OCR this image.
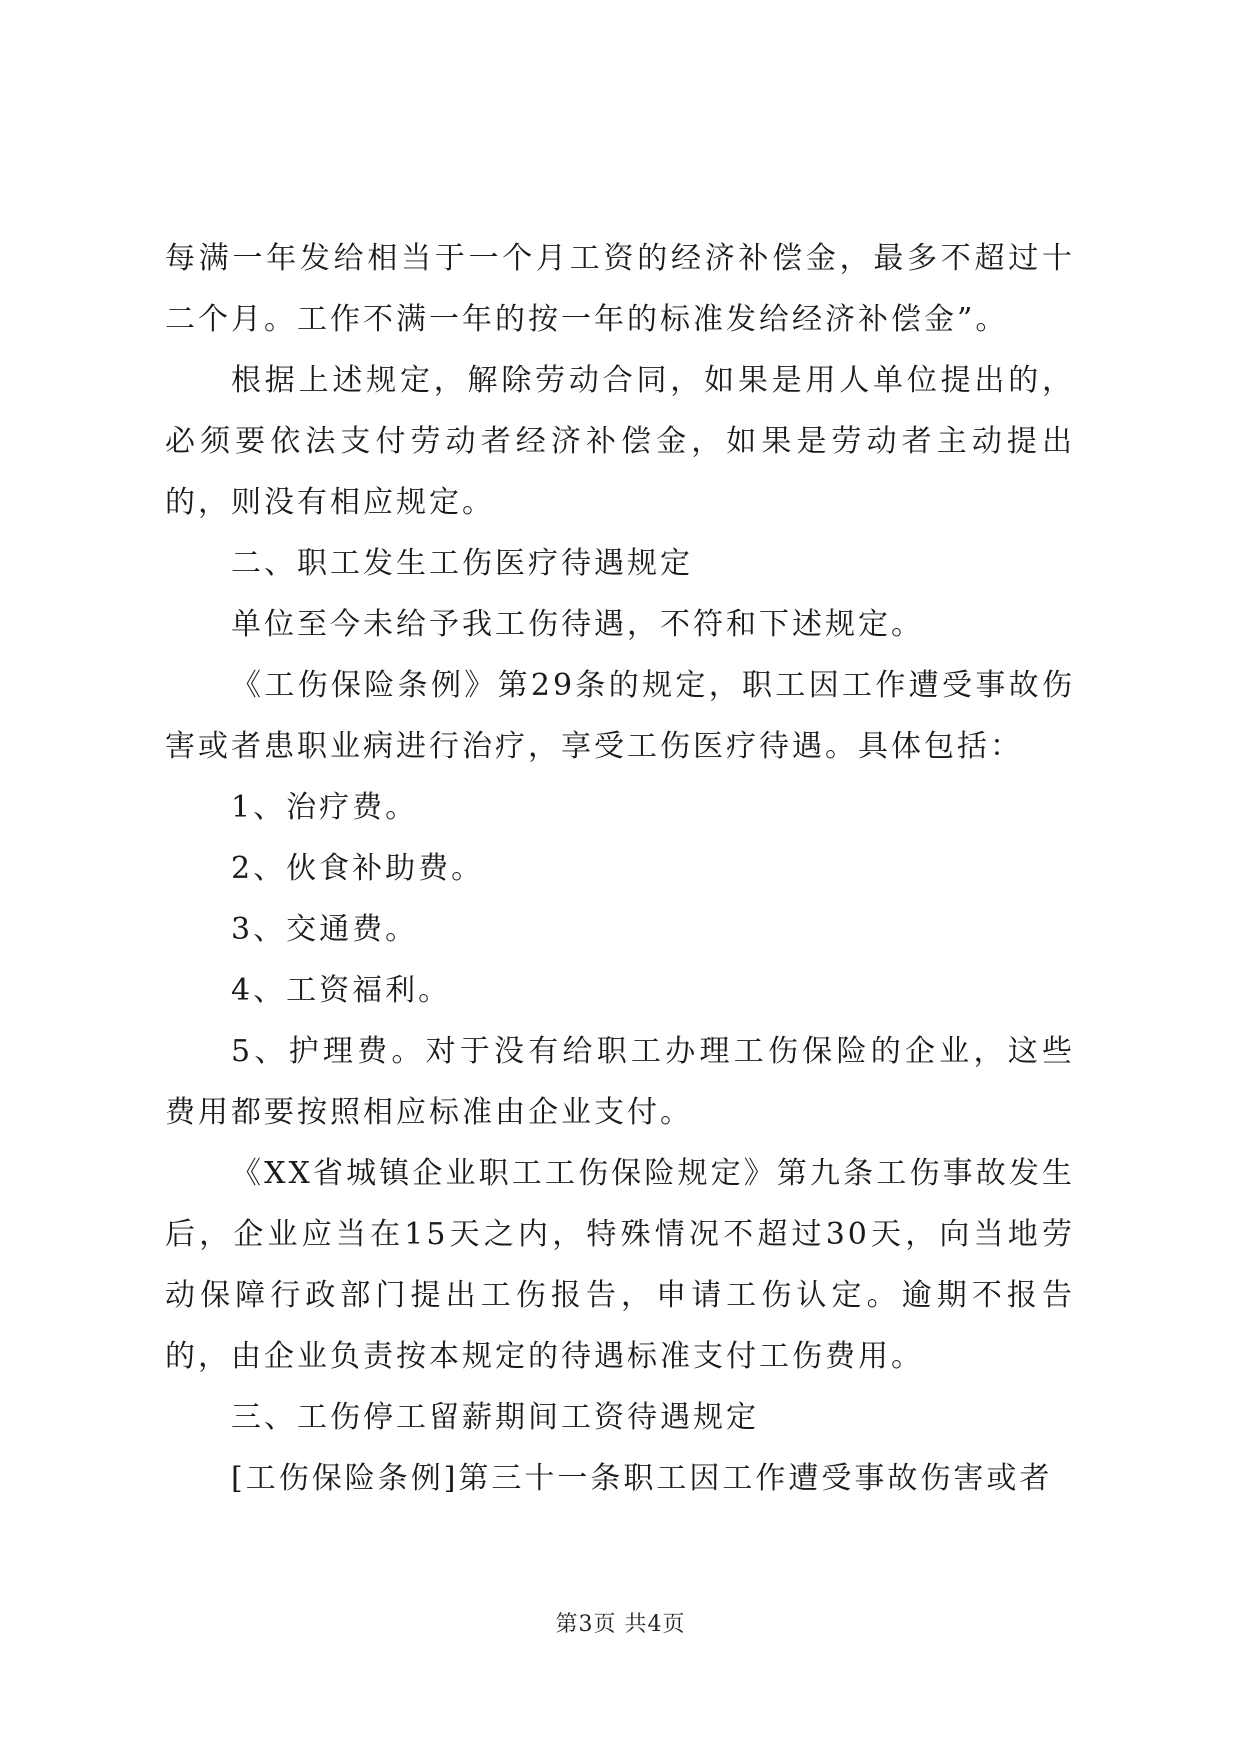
每满一年发给相当于一个月工资的经济补偿金，最多不超过十二个月。工作不满一年的按一年的标准发给经济补偿金”。

根据上述规定，解除劳动合同，如果是用人单位提出的，必须要依法支付劳动者经济补偿金，如果是劳动者主动提出的，则没有相应规定。

二、职工发生工伤医疗待遇规定

单位至今未给予我工伤待遇，不符和下述规定。

《工伤保险条例》第29条的规定，职工因工作遭受事故伤害或者患职业病进行治疗，享受工伤医疗待遇。具体包括：

1、治疗费。

2、伙食补助费。

3、交通费。

4、工资福利。

5、护理费。对于没有给职工办理工伤保险的企业，这些费用都要按照相应标准由企业支付。

《XX省城镇企业职工工伤保险规定》第九条工伤事故发生后，企业应当在15天之内，特殊情况不超过30天，向当地劳动保障行政部门提出工伤报告，申请工伤认定。逾期不报告的，由企业负责按本规定的待遇标准支付工伤费用。

三、工伤停工留薪期间工资待遇规定

[工伤保险条例]第三十一条职工因工作遭受事故伤害或者

第3页 共4页
